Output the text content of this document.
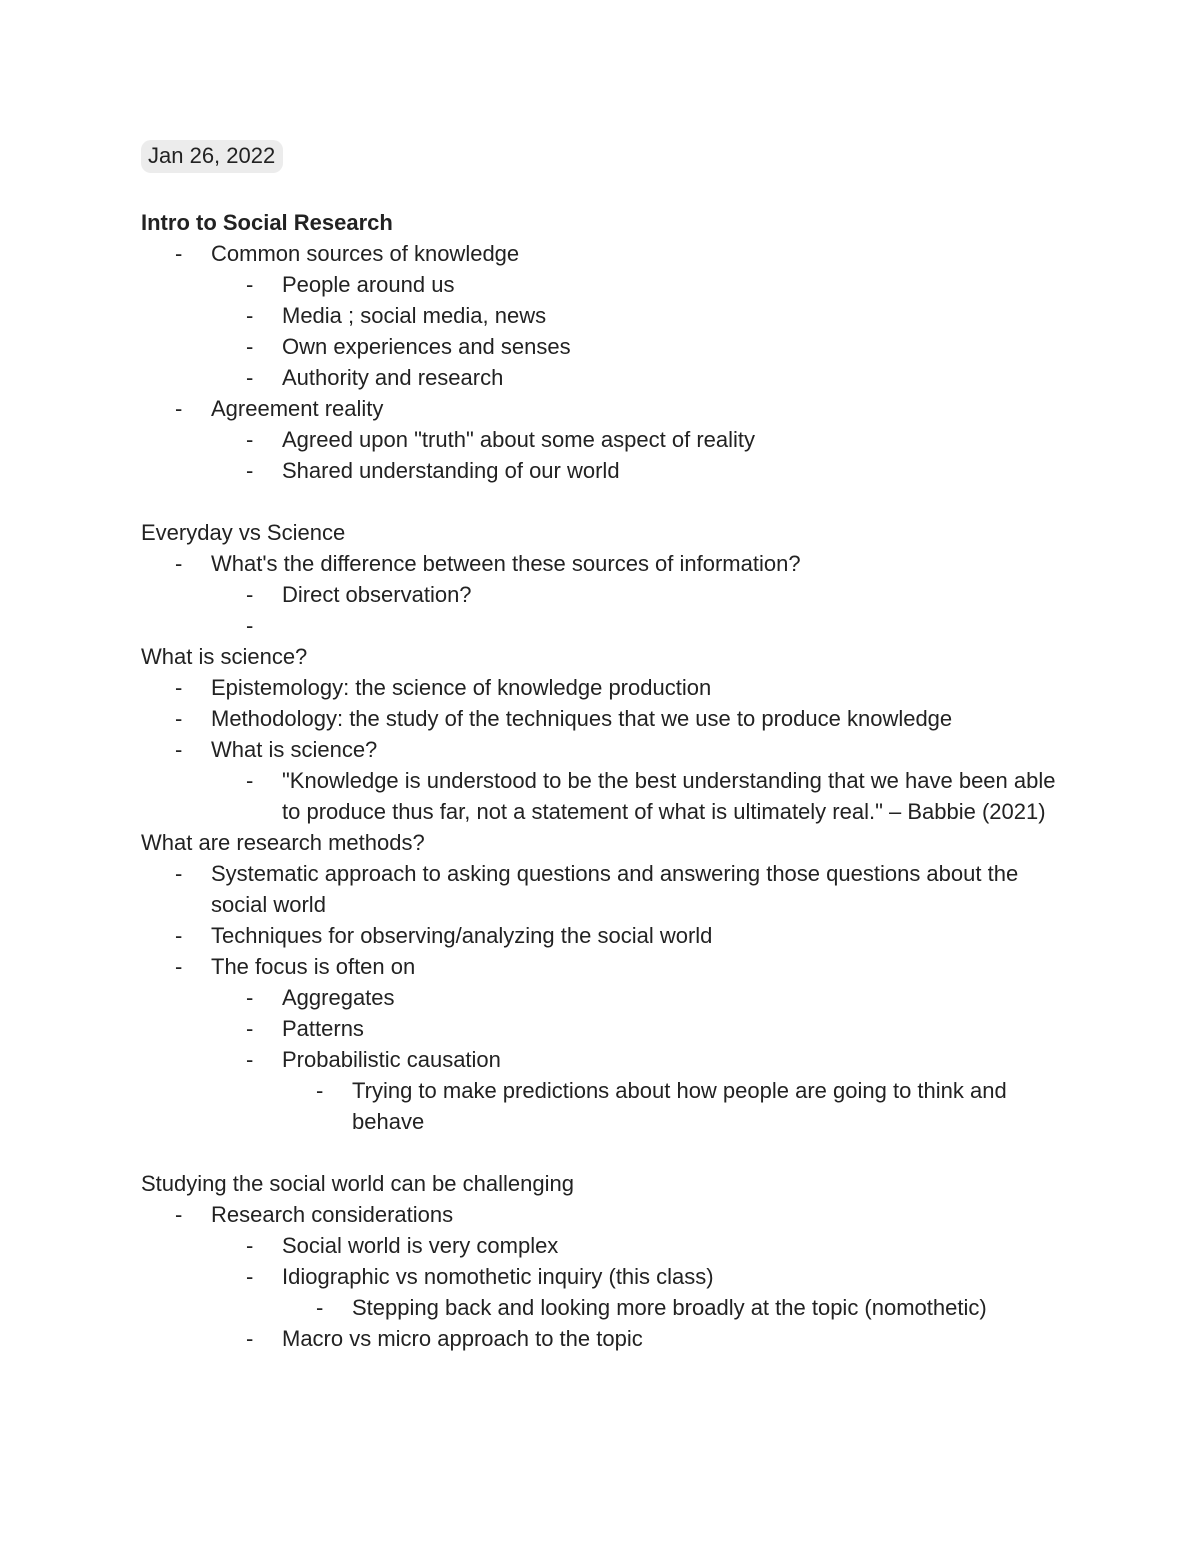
Jan 26, 2022
Intro to Social Research
-	Common sources of knowledge
-	People around us
-	Media ; social media, news
-	Own experiences and senses
-	Authority and research
-	Agreement reality
-	Agreed upon "truth" about some aspect of reality
-	Shared understanding of our world
Everyday vs Science
-	What's the difference between these sources of information?
-	Direct observation?
-
What is science?
-	Epistemology: the science of knowledge production
-	Methodology: the study of the techniques that we use to produce knowledge
-	What is science?
-	"Knowledge is understood to be the best understanding that we have been able to produce thus far, not a statement of what is ultimately real." – Babbie (2021)
What are research methods?
-	Systematic approach to asking questions and answering those questions about the social world
-	Techniques for observing/analyzing the social world
-	The focus is often on
-	Aggregates
-	Patterns
-	Probabilistic causation
-	Trying to make predictions about how people are going to think and behave
Studying the social world can be challenging
-	Research considerations
-	Social world is very complex
-	Idiographic vs nomothetic inquiry (this class)
-	Stepping back and looking more broadly at the topic (nomothetic)
-	Macro vs micro approach to the topic
